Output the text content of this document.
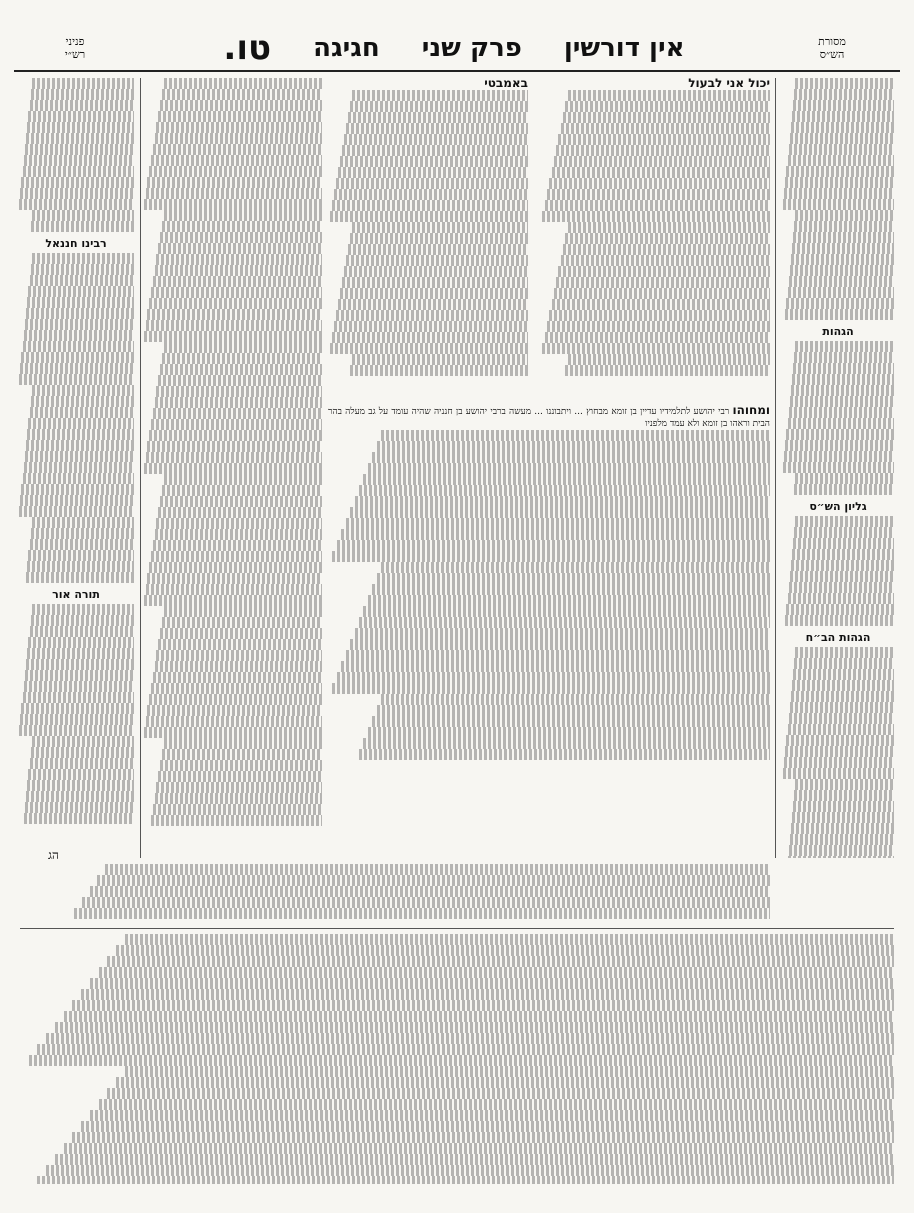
מסורת
הש״ס
אין דורשין
פרק שני
חגיגה
טו.
פניני
רש״י
הגהות
גליון הש״ס
הגהות הב״ח
יכול אני לבעול
באמבטי
ומחוהו רבי יהושע לתלמידיו עדיין בן זומא מבחוץ ... ויתבוננו ... מעשה ברבי יהושע בן חנניה שהיה עומד על גב מעלה בהר הבית וראהו בן זומא ולא עמד מלפניו
רבינו חננאל
תורה אור
הג
